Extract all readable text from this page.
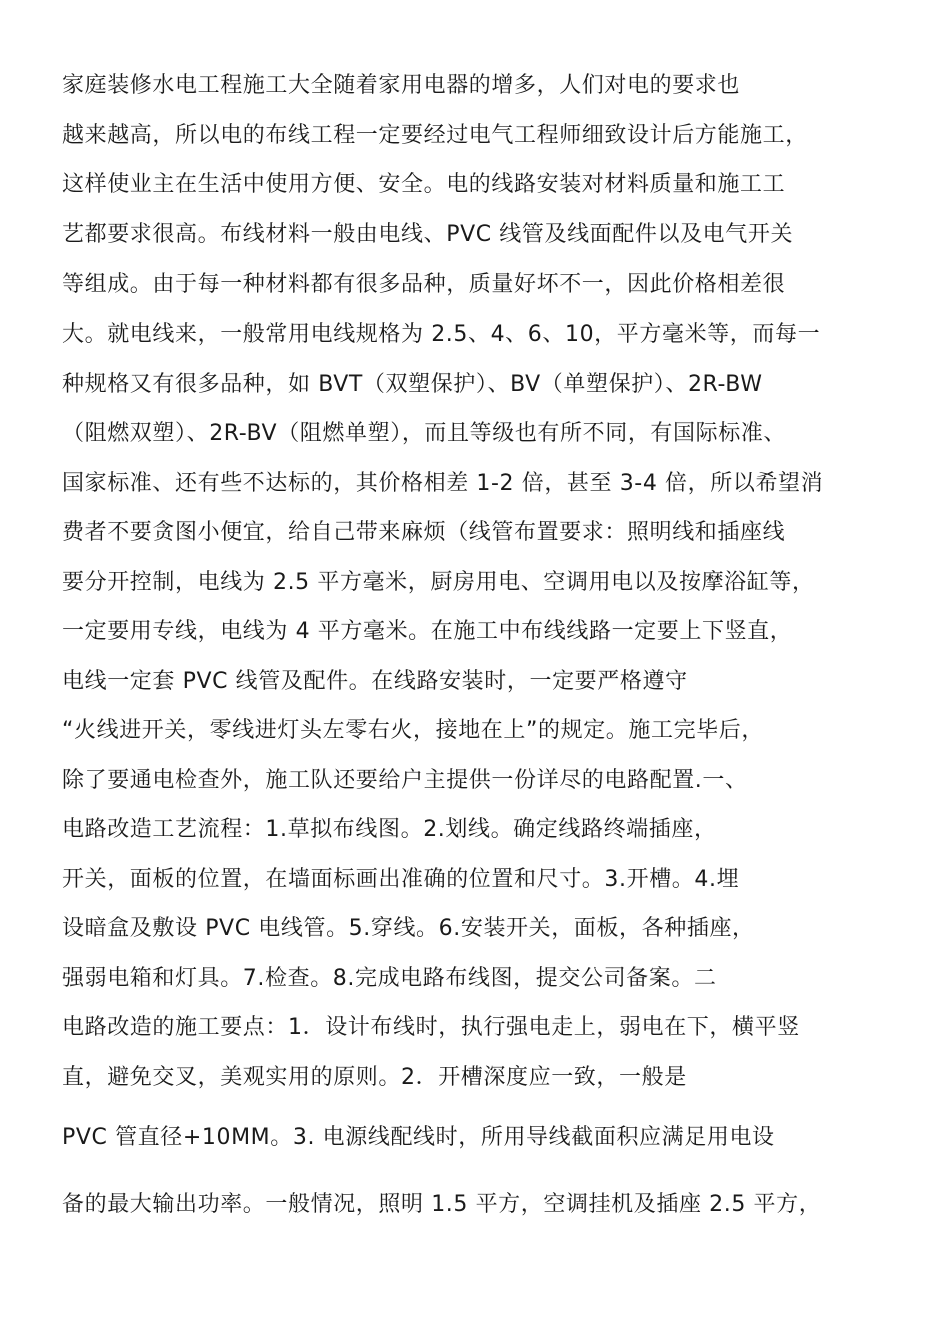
家庭装修水电工程施工大全随着家用电器的增多，人们对电的要求也
越来越高，所以电的布线工程一定要经过电气工程师细致设计后方能施工，
这样使业主在生活中使用方便、安全。电的线路安装对材料质量和施工工
艺都要求很高。布线材料一般由电线、PVC 线管及线面配件以及电气开关
等组成。由于每一种材料都有很多品种，质量好坏不一，因此价格相差很
大。就电线来，一般常用电线规格为 2.5、4、6、10，平方毫米等，而每一
种规格又有很多品种，如 BVT（双塑保护）、BV（单塑保护）、2R-BW
（阻燃双塑）、2R-BV（阻燃单塑），而且等级也有所不同，有国际标准、
国家标准、还有些不达标的，其价格相差 1-2 倍，甚至 3-4 倍，所以希望消
费者不要贪图小便宜，给自己带来麻烦（线管布置要求：照明线和插座线
要分开控制，电线为 2.5 平方毫米，厨房用电、空调用电以及按摩浴缸等，
一定要用专线，电线为 4 平方毫米。在施工中布线线路一定要上下竖直，
电线一定套 PVC 线管及配件。在线路安装时，一定要严格遵守
“火线进开关，零线进灯头左零右火，接地在上”的规定。施工完毕后，
除了要通电检查外，施工队还要给户主提供一份详尽的电路配置.一、
电路改造工艺流程：1.草拟布线图。2.划线。确定线路终端插座，
开关，面板的位置，在墙面标画出准确的位置和尺寸。3.开槽。4.埋
设暗盒及敷设 PVC 电线管。5.穿线。6.安装开关，面板，各种插座，
强弱电箱和灯具。7.检查。8.完成电路布线图，提交公司备案。二
电路改造的施工要点：1．设计布线时，执行强电走上，弱电在下，横平竖
直，避免交叉，美观实用的原则。2．开槽深度应一致，一般是
PVC 管直径+10MM。3. 电源线配线时，所用导线截面积应满足用电设
备的最大输出功率。一般情况，照明 1.5 平方，空调挂机及插座 2.5 平方，
